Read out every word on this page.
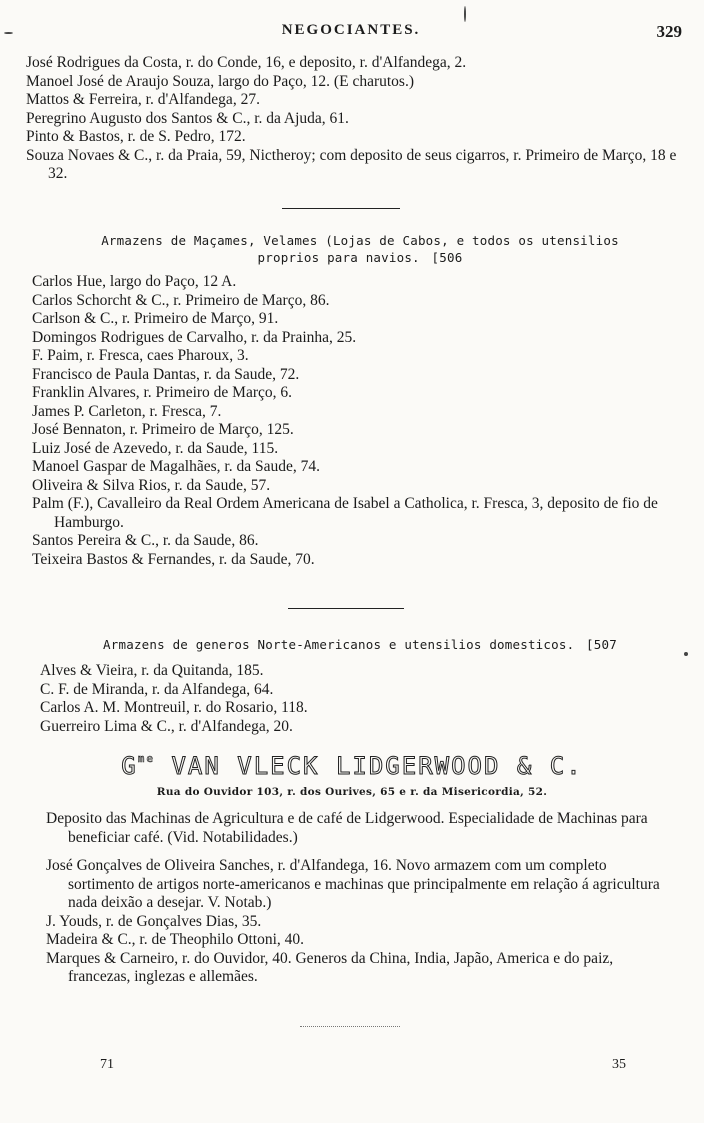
NEGOCIANTES.	329

José Rodrigues da Costa, r. do Conde, 16, e deposito, r. d'Alfandega, 2.

Manoel José de Araujo Souza, largo do Paço, 12. (E charutos.)

Mattos & Ferreira, r. d'Alfandega, 27.

Peregrino Augusto dos Santos & C., r. da Ajuda, 61.

Pinto & Bastos, r. de S. Pedro, 172.

Souza Novaes & C., r. da Praia, 59, Nictheroy; com deposito de seus cigarros, r. Primeiro de Março, 18 e 32.

Armazens de Maçames, Velames (Lojas de Cabos, e todos os utensilios proprios para navios. [506

Carlos Hue, largo do Paço, 12 A.

Carlos Schorcht & C., r. Primeiro de Março, 86.

Carlson & C., r. Primeiro de Março, 91.

Domingos Rodrigues de Carvalho, r. da Prainha, 25.

F. Paim, r. Fresca, caes Pharoux, 3.

Francisco de Paula Dantas, r. da Saude, 72.

Franklin Alvares, r. Primeiro de Março, 6.

James P. Carleton, r. Fresca, 7.

José Bennaton, r. Primeiro de Março, 125.

Luiz José de Azevedo, r. da Saude, 115.

Manoel Gaspar de Magalhães, r. da Saude, 74.

Oliveira & Silva Rios, r. da Saude, 57.

Palm (F.), Cavalleiro da Real Ordem Americana de Isabel a Catholica, r. Fresca, 3, deposito de fio de Hamburgo.

Santos Pereira & C., r. da Saude, 86.

Teixeira Bastos & Fernandes, r. da Saude, 70.

Armazens de generos Norte-Americanos e utensilios domesticos. [507

Alves & Vieira, r. da Quitanda, 185.

C. F. de Miranda, r. da Alfandega, 64.

Carlos A. M. Montreuil, r. do Rosario, 118.

Guerreiro Lima & C., r. d'Alfandega, 20.

$G^{me}$ VAN VLECK LIDGERWOOD & C.
Rua do Ouvidor 103, r. dos Ourives, 65 e r. da Misericordia, 52.

Deposito das Machinas de Agricultura e de café de Lidgerwood. Especialidade de Machinas para beneficiar café. (Vid. Notabilidades.)

José Gonçalves de Oliveira Sanches, r. d'Alfandega, 16. Novo armazem com um completo sortimento de artigos norte-americanos e machinas que principalmente em relação á agricultura nada deixão a desejar. V. Notab.)

J. Youds, r. de Gonçalves Dias, 35.

Madeira & C., r. de Theophilo Ottoni, 40.

Marques & Carneiro, r. do Ouvidor, 40. Generos da China, India, Japão, America e do paiz, francezas, inglezas e allemães.

71	35
